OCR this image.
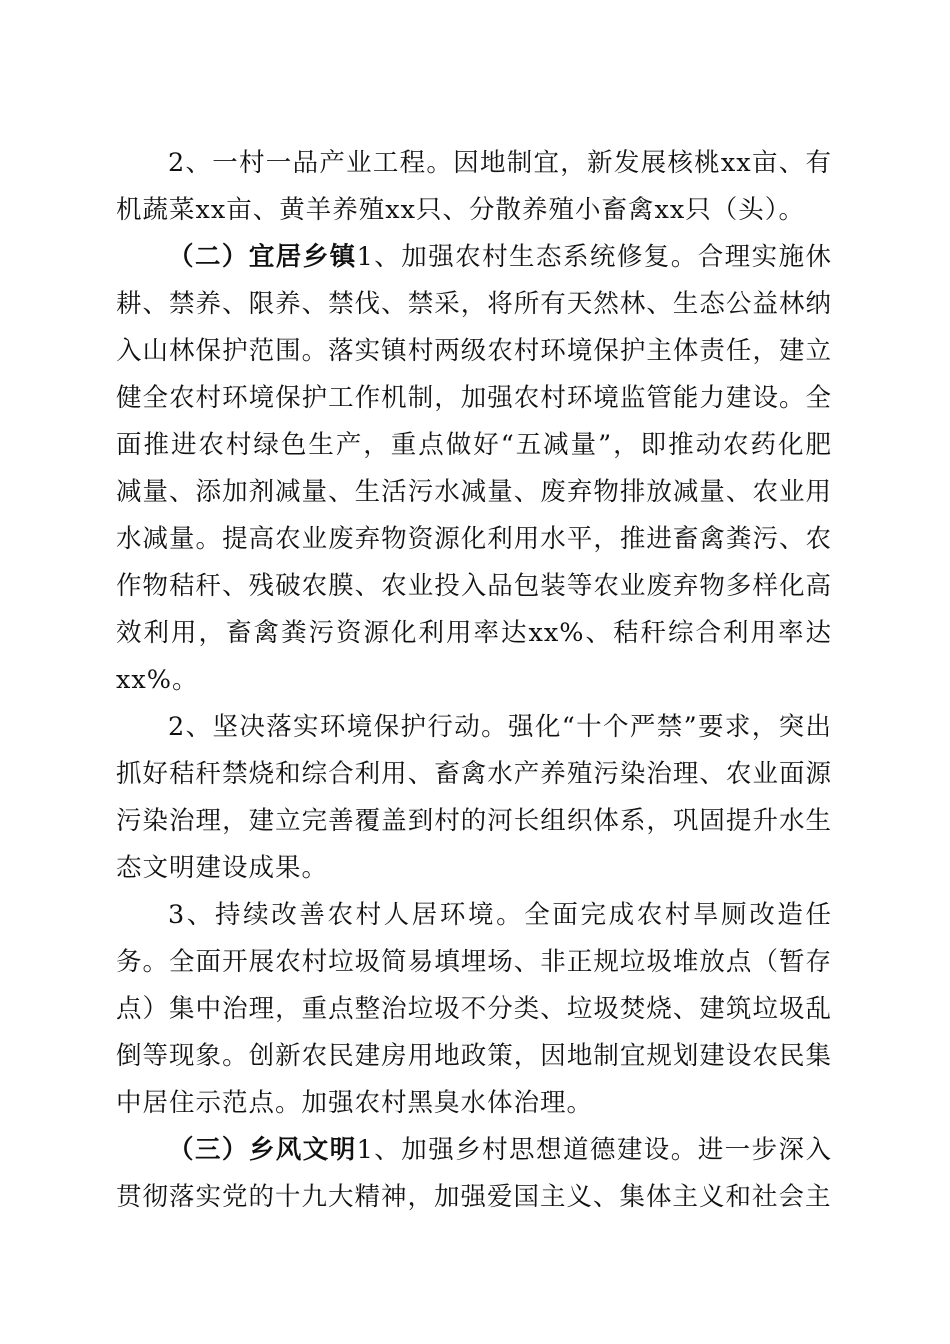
2、一村一品产业工程。因地制宜，新发展核桃xx亩、有机蔬菜xx亩、黄羊养殖xx只、分散养殖小畜禽xx只（头）。

（二）宜居乡镇1、加强农村生态系统修复。合理实施休耕、禁养、限养、禁伐、禁采，将所有天然林、生态公益林纳入山林保护范围。落实镇村两级农村环境保护主体责任，建立健全农村环境保护工作机制，加强农村环境监管能力建设。全面推进农村绿色生产，重点做好“五减量”，即推动农药化肥减量、添加剂减量、生活污水减量、废弃物排放减量、农业用水减量。提高农业废弃物资源化利用水平，推进畜禽粪污、农作物秸秆、残破农膜、农业投入品包装等农业废弃物多样化高效利用，畜禽粪污资源化利用率达xx%、秸秆综合利用率达xx%。

2、坚决落实环境保护行动。强化“十个严禁”要求，突出抓好秸秆禁烧和综合利用、畜禽水产养殖污染治理、农业面源污染治理，建立完善覆盖到村的河长组织体系，巩固提升水生态文明建设成果。

3、持续改善农村人居环境。全面完成农村旱厕改造任务。全面开展农村垃圾简易填埋场、非正规垃圾堆放点（暂存点）集中治理，重点整治垃圾不分类、垃圾焚烧、建筑垃圾乱倒等现象。创新农民建房用地政策，因地制宜规划建设农民集中居住示范点。加强农村黑臭水体治理。

（三）乡风文明1、加强乡村思想道德建设。进一步深入贯彻落实党的十九大精神，加强爱国主义、集体主义和社会主
